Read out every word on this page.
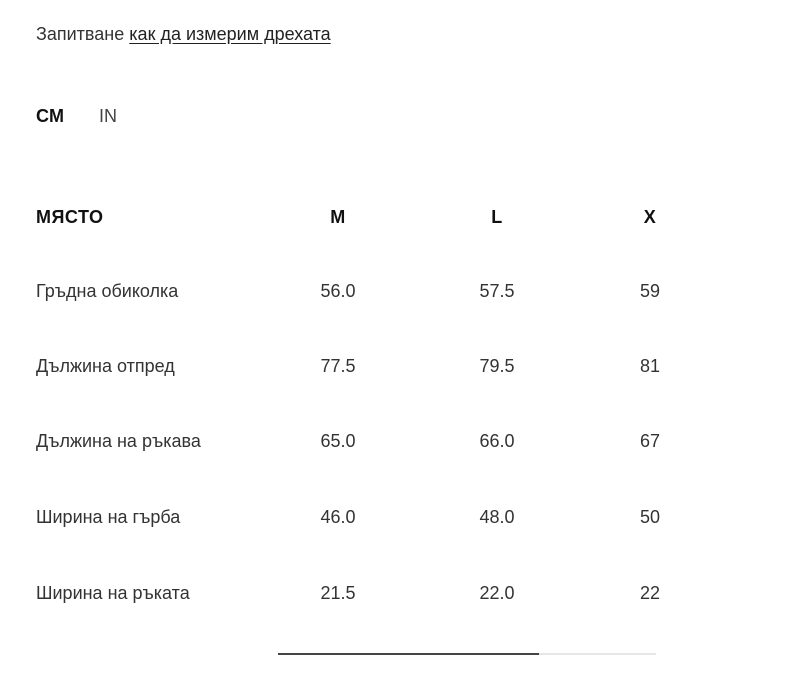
Запитване как да измерим дрехата
CM IN
МЯСТО	M	L	X
Гръдна обиколка	56.0	57.5	59
Дължина отпред	77.5	79.5	81
Дължина на ръкава	65.0	66.0	67
Ширина на гърба	46.0	48.0	50
Ширина на ръката	21.5	22.0	22
